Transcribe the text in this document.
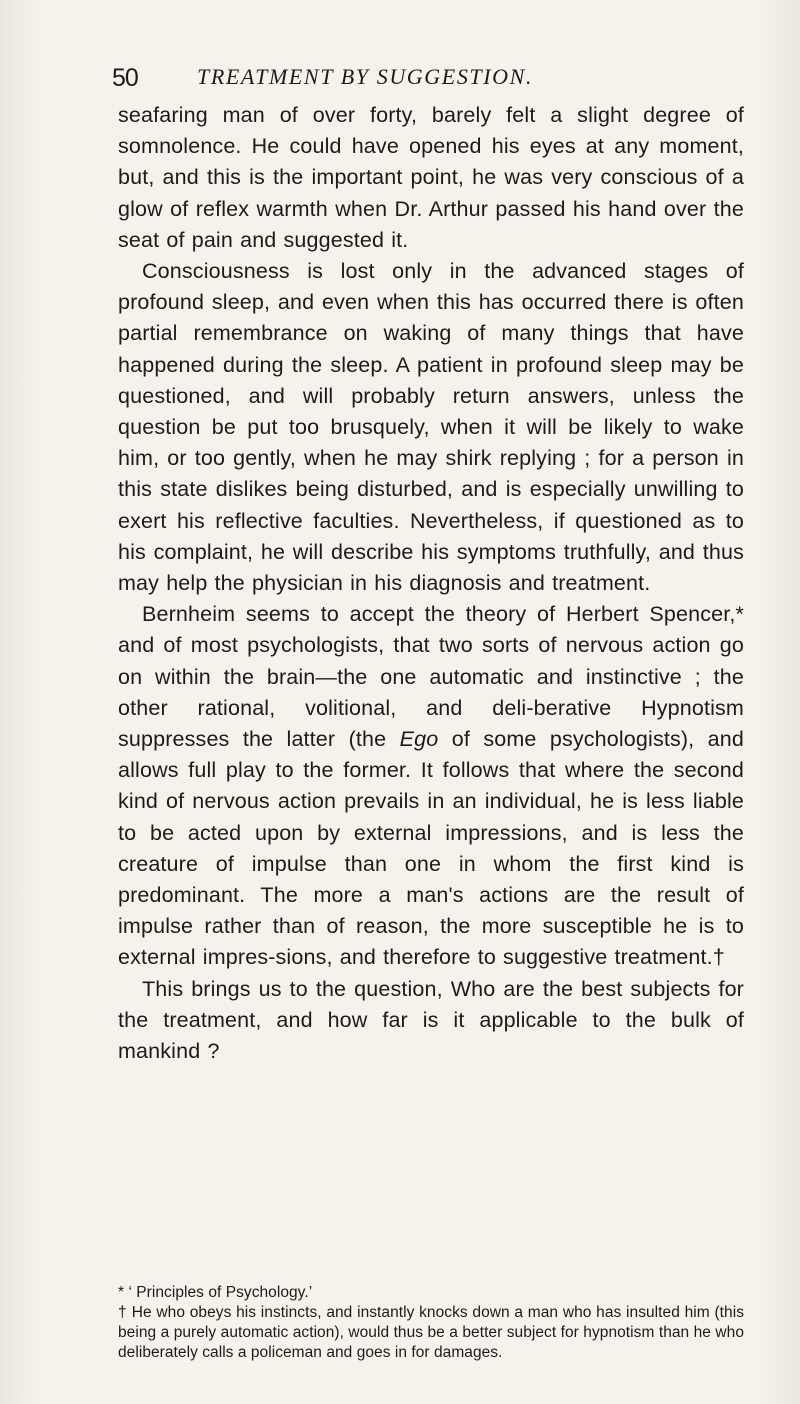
50	TREATMENT BY SUGGESTION.

seafaring man of over forty, barely felt a slight degree of somnolence. He could have opened his eyes at any moment, but, and this is the important point, he was very conscious of a glow of reflex warmth when Dr. Arthur passed his hand over the seat of pain and suggested it.

Consciousness is lost only in the advanced stages of profound sleep, and even when this has occurred there is often partial remembrance on waking of many things that have happened during the sleep. A patient in profound sleep may be questioned, and will probably return answers, unless the question be put too brusquely, when it will be likely to wake him, or too gently, when he may shirk replying ; for a person in this state dislikes being disturbed, and is especially unwilling to exert his reflective faculties. Nevertheless, if questioned as to his complaint, he will describe his symptoms truthfully, and thus may help the physician in his diagnosis and treatment.

Bernheim seems to accept the theory of Herbert Spencer,* and of most psychologists, that two sorts of nervous action go on within the brain—the one automatic and instinctive ; the other rational, volitional, and deli-berative Hypnotism suppresses the latter (the Ego of some psychologists), and allows full play to the former. It follows that where the second kind of nervous action prevails in an individual, he is less liable to be acted upon by external impressions, and is less the creature of impulse than one in whom the first kind is predominant. The more a man's actions are the result of impulse rather than of reason, the more susceptible he is to external impres-sions, and therefore to suggestive treatment.†

This brings us to the question, Who are the best subjects for the treatment, and how far is it applicable to the bulk of mankind ?

* ‘ Principles of Psychology.’

† He who obeys his instincts, and instantly knocks down a man who has insulted him (this being a purely automatic action), would thus be a better subject for hypnotism than he who deliberately calls a policeman and goes in for damages.
